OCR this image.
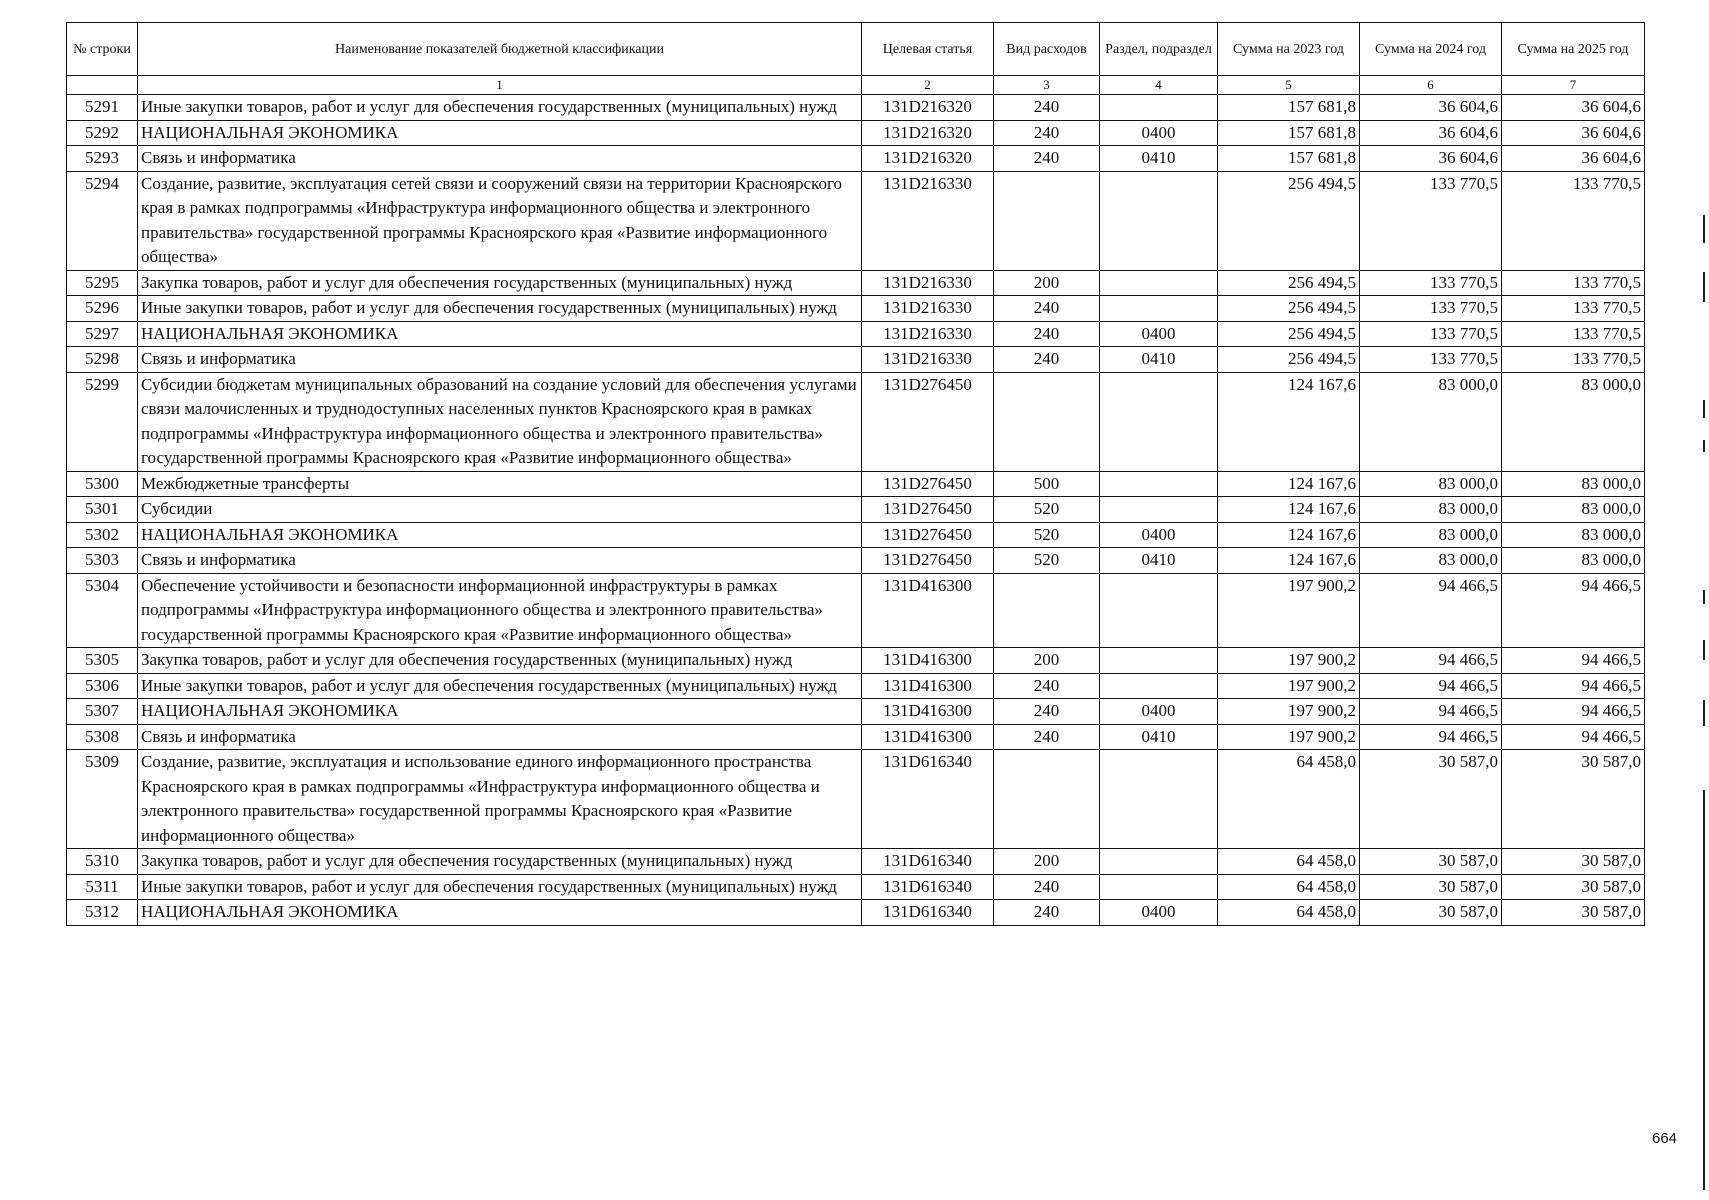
№ строки	Наименование показателей бюджетной классификации	Целевая статья	Вид расходов	Раздел, подраздел	Сумма на 2023 год	Сумма на 2024 год	Сумма на 2025 год
	1	2	3	4	5	6	7
5291	Иные закупки товаров, работ и услуг для обеспечения государственных (муниципальных) нужд	131D216320	240		157 681,8	36 604,6	36 604,6
5292	НАЦИОНАЛЬНАЯ ЭКОНОМИКА	131D216320	240	0400	157 681,8	36 604,6	36 604,6
5293	Связь и информатика	131D216320	240	0410	157 681,8	36 604,6	36 604,6
5294	Создание, развитие, эксплуатация сетей связи и сооружений связи на территории Красноярского края в рамках подпрограммы «Инфраструктура информационного общества и электронного правительства» государственной программы Красноярского края «Развитие информационного общества»	131D216330			256 494,5	133 770,5	133 770,5
5295	Закупка товаров, работ и услуг для обеспечения государственных (муниципальных) нужд	131D216330	200		256 494,5	133 770,5	133 770,5
5296	Иные закупки товаров, работ и услуг для обеспечения государственных (муниципальных) нужд	131D216330	240		256 494,5	133 770,5	133 770,5
5297	НАЦИОНАЛЬНАЯ ЭКОНОМИКА	131D216330	240	0400	256 494,5	133 770,5	133 770,5
5298	Связь и информатика	131D216330	240	0410	256 494,5	133 770,5	133 770,5
5299	Субсидии бюджетам муниципальных образований на создание условий для обеспечения услугами связи малочисленных и труднодоступных населенных пунктов Красноярского края в рамках подпрограммы «Инфраструктура информационного общества и электронного правительства» государственной программы Красноярского края «Развитие информационного общества»	131D276450			124 167,6	83 000,0	83 000,0
5300	Межбюджетные трансферты	131D276450	500		124 167,6	83 000,0	83 000,0
5301	Субсидии	131D276450	520		124 167,6	83 000,0	83 000,0
5302	НАЦИОНАЛЬНАЯ ЭКОНОМИКА	131D276450	520	0400	124 167,6	83 000,0	83 000,0
5303	Связь и информатика	131D276450	520	0410	124 167,6	83 000,0	83 000,0
5304	Обеспечение устойчивости и безопасности информационной инфраструктуры в рамках подпрограммы «Инфраструктура информационного общества и электронного правительства» государственной программы Красноярского края «Развитие информационного общества»	131D416300			197 900,2	94 466,5	94 466,5
5305	Закупка товаров, работ и услуг для обеспечения государственных (муниципальных) нужд	131D416300	200		197 900,2	94 466,5	94 466,5
5306	Иные закупки товаров, работ и услуг для обеспечения государственных (муниципальных) нужд	131D416300	240		197 900,2	94 466,5	94 466,5
5307	НАЦИОНАЛЬНАЯ ЭКОНОМИКА	131D416300	240	0400	197 900,2	94 466,5	94 466,5
5308	Связь и информатика	131D416300	240	0410	197 900,2	94 466,5	94 466,5
5309	Создание, развитие, эксплуатация и использование единого информационного пространства Красноярского края в рамках подпрограммы «Инфраструктура информационного общества и электронного правительства» государственной программы Красноярского края «Развитие информационного общества»	131D616340			64 458,0	30 587,0	30 587,0
5310	Закупка товаров, работ и услуг для обеспечения государственных (муниципальных) нужд	131D616340	200		64 458,0	30 587,0	30 587,0
5311	Иные закупки товаров, работ и услуг для обеспечения государственных (муниципальных) нужд	131D616340	240		64 458,0	30 587,0	30 587,0
5312	НАЦИОНАЛЬНАЯ ЭКОНОМИКА	131D616340	240	0400	64 458,0	30 587,0	30 587,0
664
